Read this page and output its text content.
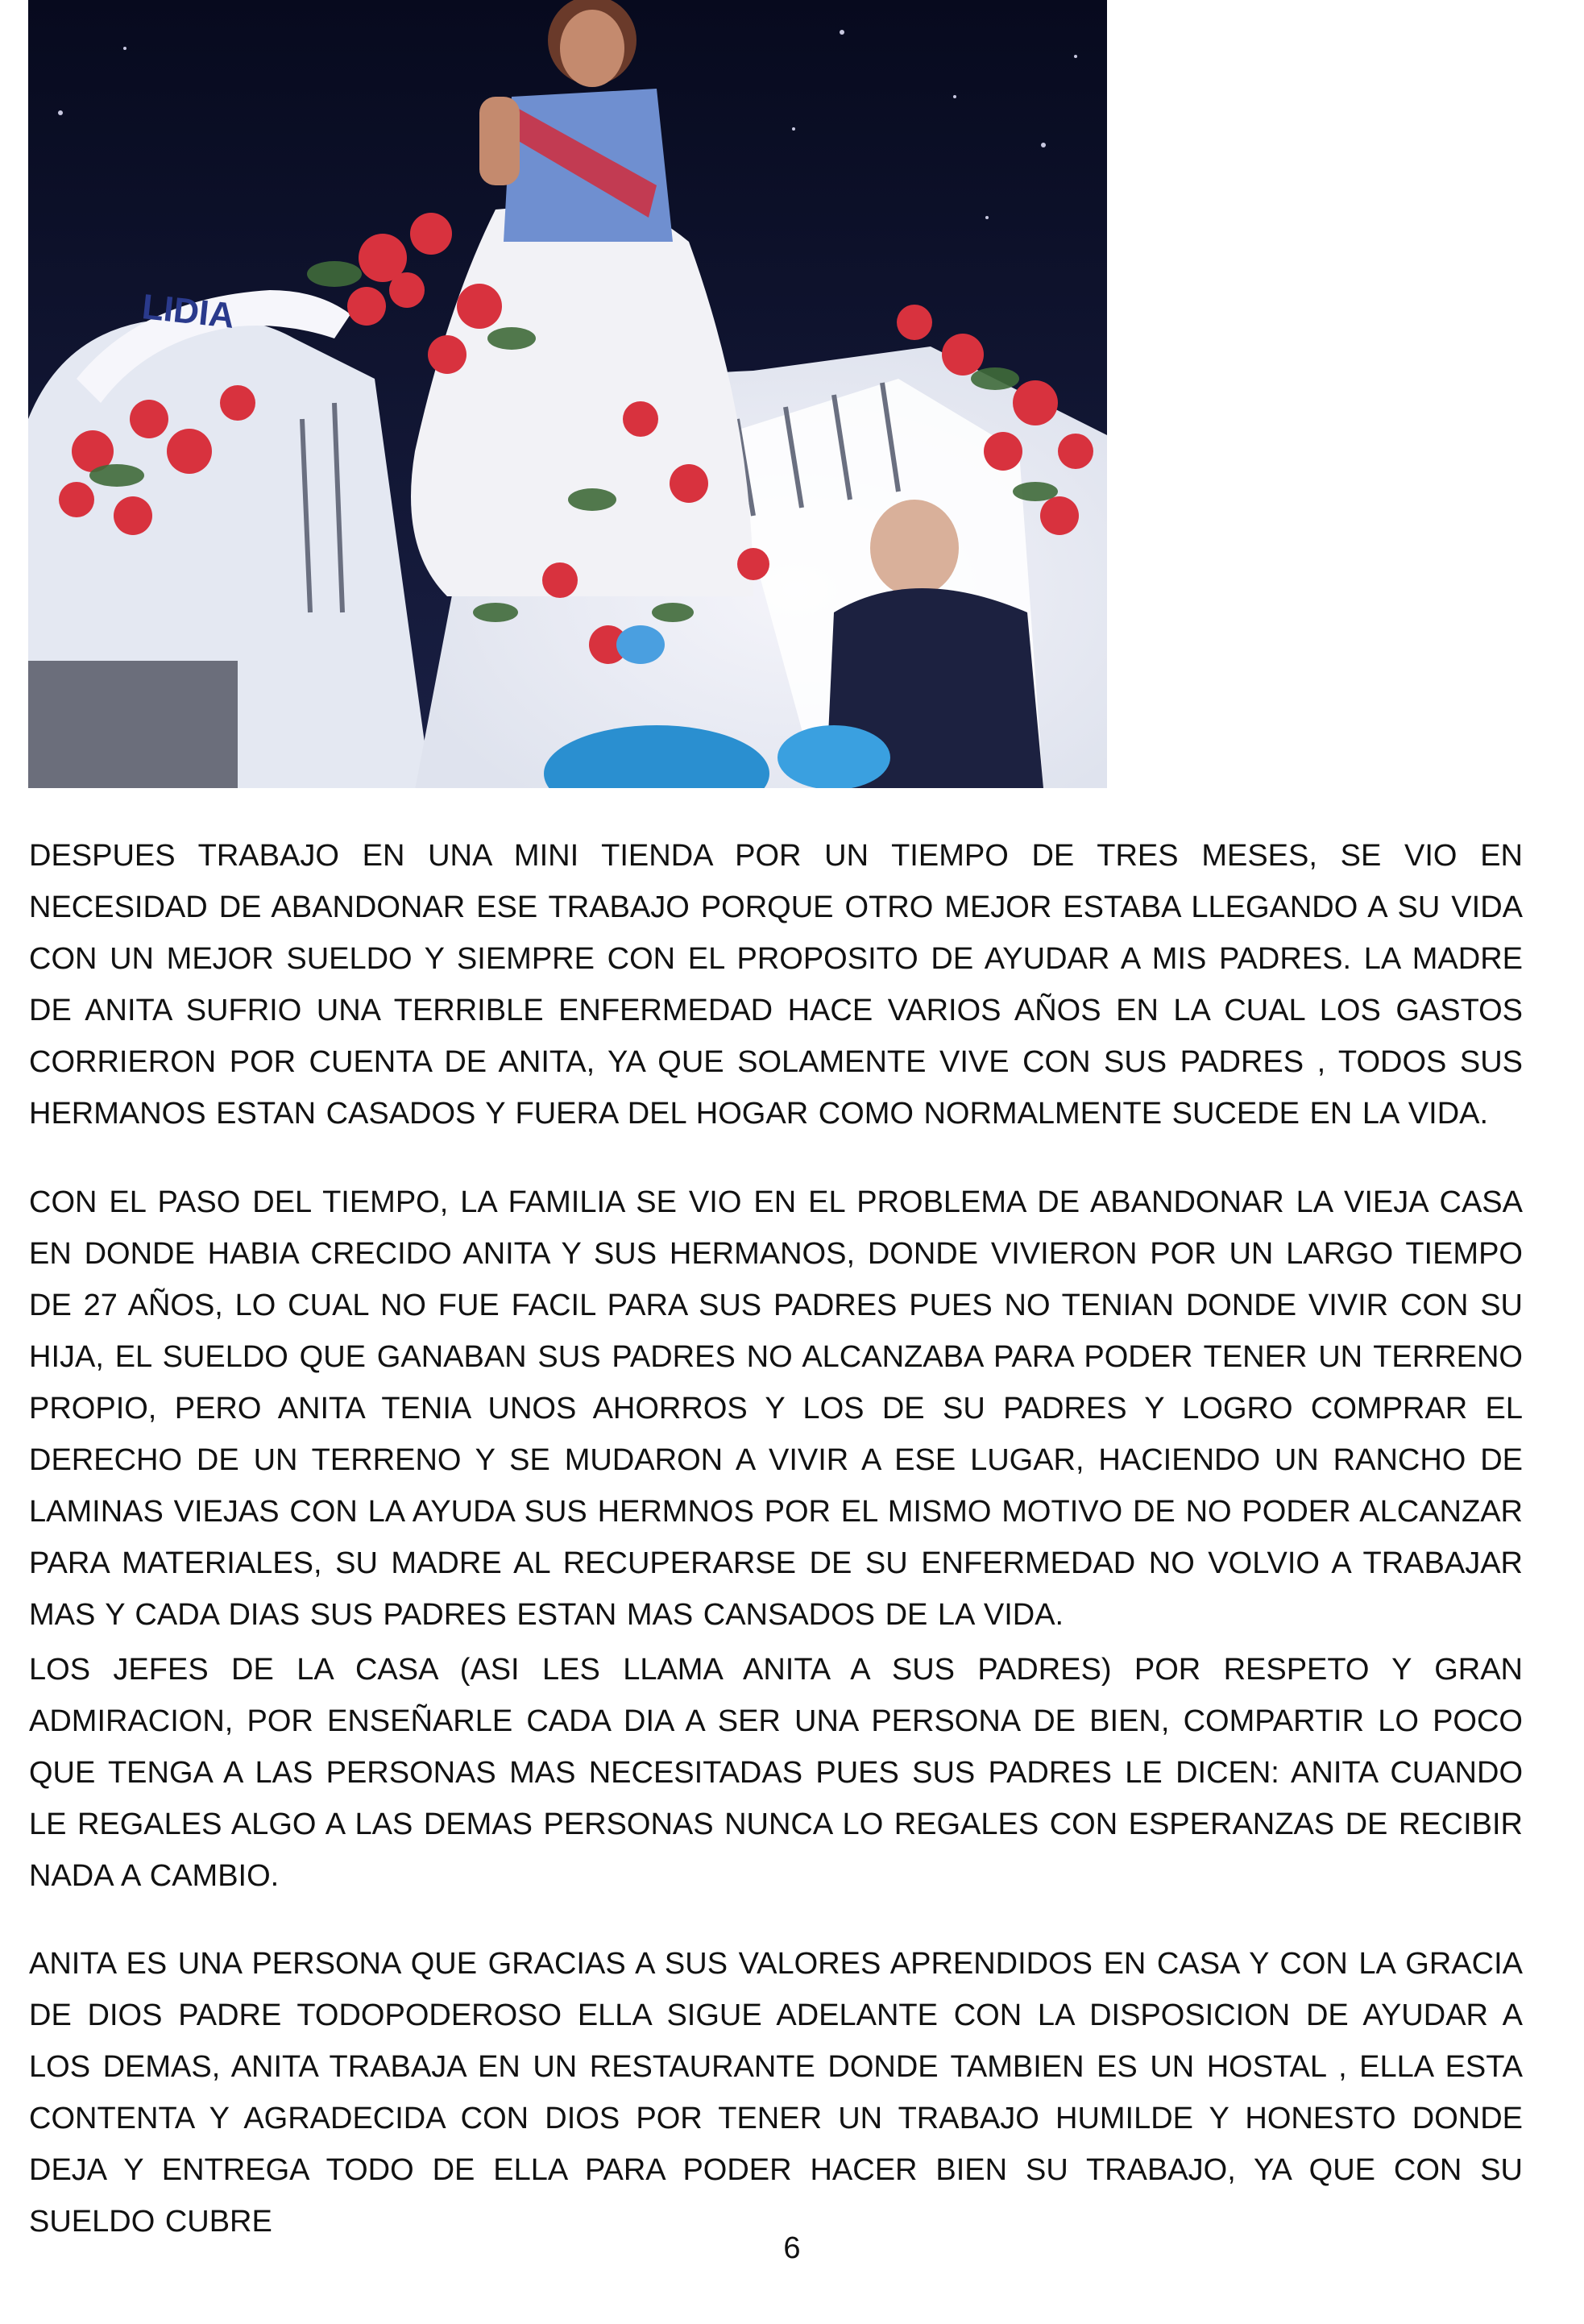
LIDIA

DESPUES TRABAJO EN UNA MINI TIENDA POR UN TIEMPO DE TRES MESES, SE VIO EN NECESIDAD DE ABANDONAR ESE TRABAJO PORQUE OTRO MEJOR ESTABA LLEGANDO A SU VIDA CON UN MEJOR SUELDO Y SIEMPRE CON EL PROPOSITO DE AYUDAR A MIS PADRES. LA MADRE DE ANITA SUFRIO UNA TERRIBLE ENFERMEDAD HACE VARIOS AÑOS EN LA CUAL LOS GASTOS CORRIERON POR CUENTA DE ANITA, YA QUE SOLAMENTE VIVE CON SUS PADRES , TODOS SUS HERMANOS ESTAN CASADOS Y FUERA DEL HOGAR COMO NORMALMENTE SUCEDE EN LA VIDA.

CON EL PASO DEL TIEMPO, LA FAMILIA SE VIO EN EL PROBLEMA DE ABANDONAR LA VIEJA CASA EN DONDE HABIA CRECIDO ANITA Y SUS HERMANOS, DONDE VIVIERON POR UN LARGO TIEMPO DE 27 AÑOS, LO CUAL NO FUE FACIL PARA SUS PADRES PUES NO TENIAN DONDE VIVIR CON SU HIJA, EL SUELDO QUE GANABAN SUS PADRES NO ALCANZABA PARA PODER TENER UN TERRENO PROPIO, PERO ANITA TENIA UNOS AHORROS Y LOS DE SU PADRES Y LOGRO COMPRAR EL DERECHO DE UN TERRENO Y SE MUDARON A VIVIR A ESE LUGAR, HACIENDO UN RANCHO DE LAMINAS VIEJAS CON LA AYUDA SUS HERMNOS POR EL MISMO MOTIVO DE NO PODER ALCANZAR PARA MATERIALES, SU MADRE AL RECUPERARSE DE SU ENFERMEDAD NO VOLVIO A TRABAJAR MAS Y CADA DIAS SUS PADRES ESTAN MAS CANSADOS DE LA VIDA.

LOS JEFES DE LA CASA (ASI LES LLAMA ANITA A SUS PADRES) POR RESPETO Y GRAN ADMIRACION, POR ENSEÑARLE CADA DIA A SER UNA PERSONA DE BIEN, COMPARTIR LO POCO QUE TENGA A LAS PERSONAS MAS NECESITADAS PUES SUS PADRES LE DICEN: ANITA CUANDO LE REGALES ALGO A LAS DEMAS PERSONAS NUNCA LO REGALES CON ESPERANZAS DE RECIBIR NADA A CAMBIO.

ANITA ES UNA PERSONA QUE GRACIAS A SUS VALORES APRENDIDOS EN CASA Y CON LA GRACIA DE DIOS PADRE TODOPODEROSO ELLA SIGUE ADELANTE CON LA DISPOSICION DE AYUDAR A LOS DEMAS, ANITA TRABAJA EN UN RESTAURANTE DONDE TAMBIEN ES UN HOSTAL , ELLA ESTA CONTENTA Y AGRADECIDA CON DIOS POR TENER UN TRABAJO HUMILDE Y HONESTO DONDE DEJA Y ENTREGA TODO DE ELLA PARA PODER HACER BIEN SU TRABAJO, YA QUE CON SU SUELDO CUBRE

6
